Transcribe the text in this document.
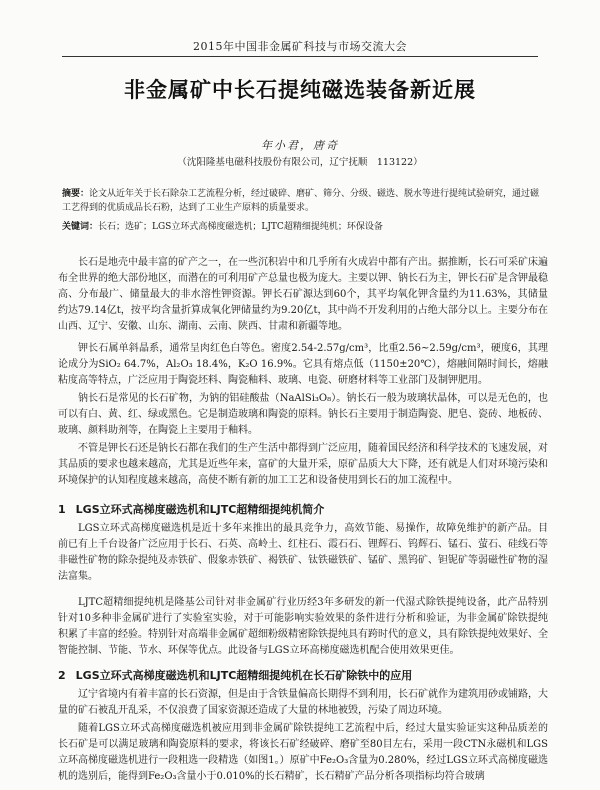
2015年中国非金属矿科技与市场交流大会
非金属矿中长石提纯磁选装备新近展
年小君，唐奇
（沈阳隆基电磁科技股份有限公司，辽宁抚顺　113122）
摘要：论文从近年关于长石除杂工艺流程分析，经过破碎、磨矿、筛分、分级、磁选、脱水等进行提纯试验研究，通过磁工艺得到的优质成品长石粉，达到了工业生产原料的质量要求。
关键词：长石；选矿；LGS立环式高梯度磁选机；LJTC超精细提纯机；环保设备

长石是地壳中最丰富的矿产之一，在一些沉积岩中和几乎所有火成岩中都有产出。据推断，长石可采矿床遍布全世界的绝大部份地区，而潜在的可利用矿产总量也极为庞大。主要以钾、钠长石为主，钾长石矿是含钾最稳高、分布最广、储量最大的非水溶性钾资源。钾长石矿源达到60个，其平均氧化钾含量约为11.63%，其储量约达79.14亿t，按平均含量折算成氧化钾储量约为9.20亿t，其中尚不开发利用的占绝大部分以上。主要分布在山西、辽宁、安徽、山东、湖南、云南、陕西、甘肃和新疆等地。

钾长石属单斜晶系，通常呈肉红色白等色。密度2.54-2.57g/cm³，比重2.56~2.59g/cm³，硬度6，其理论成分为SiO₂ 64.7%，Al₂O₃ 18.4%，K₂O 16.9%。它具有熔点低（1150±20℃），熔融间隔时间长，熔融粘度高等特点，广泛应用于陶瓷坯料、陶瓷釉料、玻璃、电瓷、研磨材料等工业部门及制钾肥用。

钠长石是常见的长石矿物，为钠的铝硅酸盐（NaAlSi₃O₈）。钠长石一般为玻璃状晶体，可以是无色的，也可以有白、黄、红、绿或黑色。它是制造玻璃和陶瓷的原料。钠长石主要用于制造陶瓷、肥皂、瓷砖、地板砖、玻璃、颜料助剂等，在陶瓷上主要用于釉料。

不管是钾长石还是钠长石都在我们的生产生活中都得到广泛应用，随着国民经济和科学技术的飞速发展，对其品质的要求也越来越高，尤其是近些年来，富矿的大量开采，原矿品质大大下降，还有就是人们对环境污染和环境保护的认知程度越来越高，高使不断有新的加工工艺和设备使用到长石的加工流程中。

1 LGS立环式高梯度磁选机和LJTC超精细提纯机简介

LGS立环式高梯度磁选机是近十多年来推出的最具竞争力，高效节能、易操作，故障免维护的新产品。目前已有上千台设备广泛应用于长石、石英、高岭土、红柱石、霞石石、锂辉石、钨辉石、锰石、萤石、硅线石等非磁性矿物的除杂提纯及赤铁矿、假象赤铁矿、褐铁矿、钛铁磁铁矿、锰矿、黑钨矿、钽铌矿等弱磁性矿物的湿法富集。

LJTC超精细提纯机是隆基公司针对非金属矿行业历经3年多研发的新一代湿式除铁提纯设备，此产品特别针对10多种非金属矿进行了实验室实验，对于可能影响实验效果的条件进行分析和验证，为非金属矿除铁提纯积累了丰富的经验。特别针对高端非金属矿超细粉级精密除铁提纯具有跨时代的意义，具有除铁提纯效果好、全智能控制、节能、节水、环保等优点。此设备与LGS立环高梯度磁选机配合使用效果更佳。

2 LGS立环式高梯度磁选机和LJTC超精细提纯机在长石矿除铁中的应用

辽宁省境内有着丰富的长石资源，但是由于含铁量偏高长期得不到利用，长石矿就作为建筑用砂或铺路，大量的矿石被乱开乱采，不仅浪费了国家资源还造成了大量的林地被毁，污染了周边环境。

随着LGS立环式高梯度磁选机被应用到非金属矿除铁提纯工艺流程中后，经过大量实验证实这种品质差的长石矿是可以满足玻璃和陶瓷原料的要求，将该长石矿经破碎、磨矿至80目左右，采用一段CTN永磁机和LGS立环高梯度磁选机进行一段粗选一段精选（如图1。）原矿中Fe₂O₃含量为0.280%，经过LGS立环式高梯度磁选机的选别后，能得到Fe₂O₃含量小于0.010%的长石精矿，长石精矿产品分析各项指标均符合玻璃
